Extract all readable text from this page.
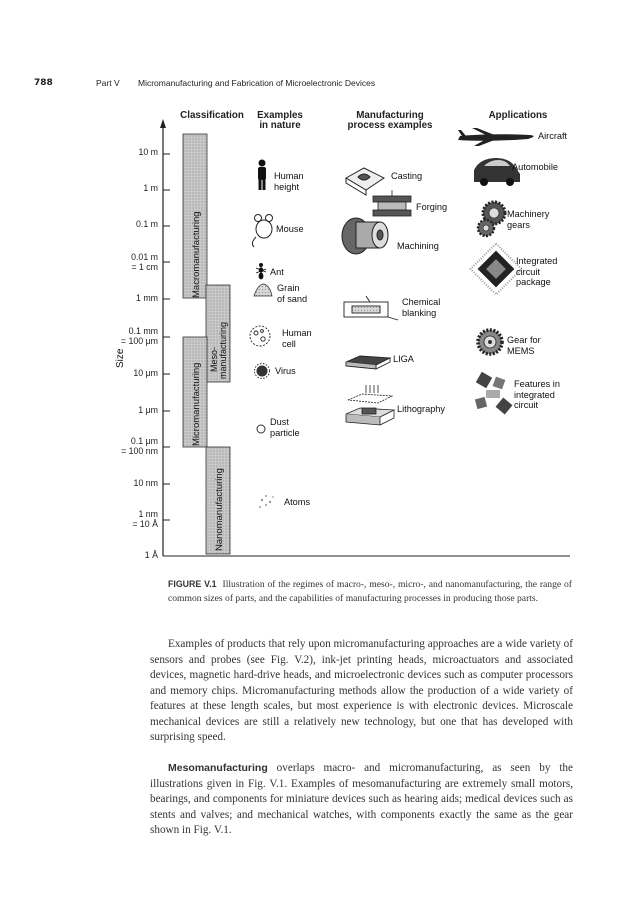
788	Part V Micromanufacturing and Fabrication of Microelectronic Devices
Macromanufacturing
Meso- manufacturing
Micromanufacturing
Nanomanufacturing
Size
Classification	Examples
in nature
Manufacturing
process examples
Applications
10 m
1 m
0.1 m
0.01 m
= 1 cm
1 mm
0.1 mm
= 100 μm
10 μm
1 μm
0.1 μm
= 100 nm
10 nm
1 nm
= 10 Å
1 Å
Human
height
Mouse
Ant
Grain
of sand
Human
cell
Virus
Dust
particle
Atoms
Casting
Forging
Machining
Chemical
blanking
LIGA
Lithography
Aircraft
Automobile
Machinery
gears
Integrated
circuit
package
Gear for
MEMS
Features in
integrated
circuit
FIGURE V.1 Illustration of the regimes of macro-, meso-, micro-, and nanomanufacturing, the range of common sizes of parts, and the capabilities of manufacturing processes in producing those parts.

Examples of products that rely upon micromanufacturing approaches are a wide variety of sensors and probes (see Fig. V.2), ink-jet printing heads, microactuators and associated devices, magnetic hard-drive heads, and microelectronic devices such as computer processors and memory chips. Micromanufacturing methods allow the production of a wide variety of features at these length scales, but most experience is with electronic devices. Microscale mechanical devices are still a relatively new technology, but one that has developed with surprising speed.

Mesomanufacturing overlaps macro- and micromanufacturing, as seen by the illustrations given in Fig. V.1. Examples of mesomanufacturing are extremely small motors, bearings, and components for miniature devices such as hearing aids; medical devices such as stents and valves; and mechanical watches, with components exactly the same as the gear shown in Fig. V.1.
